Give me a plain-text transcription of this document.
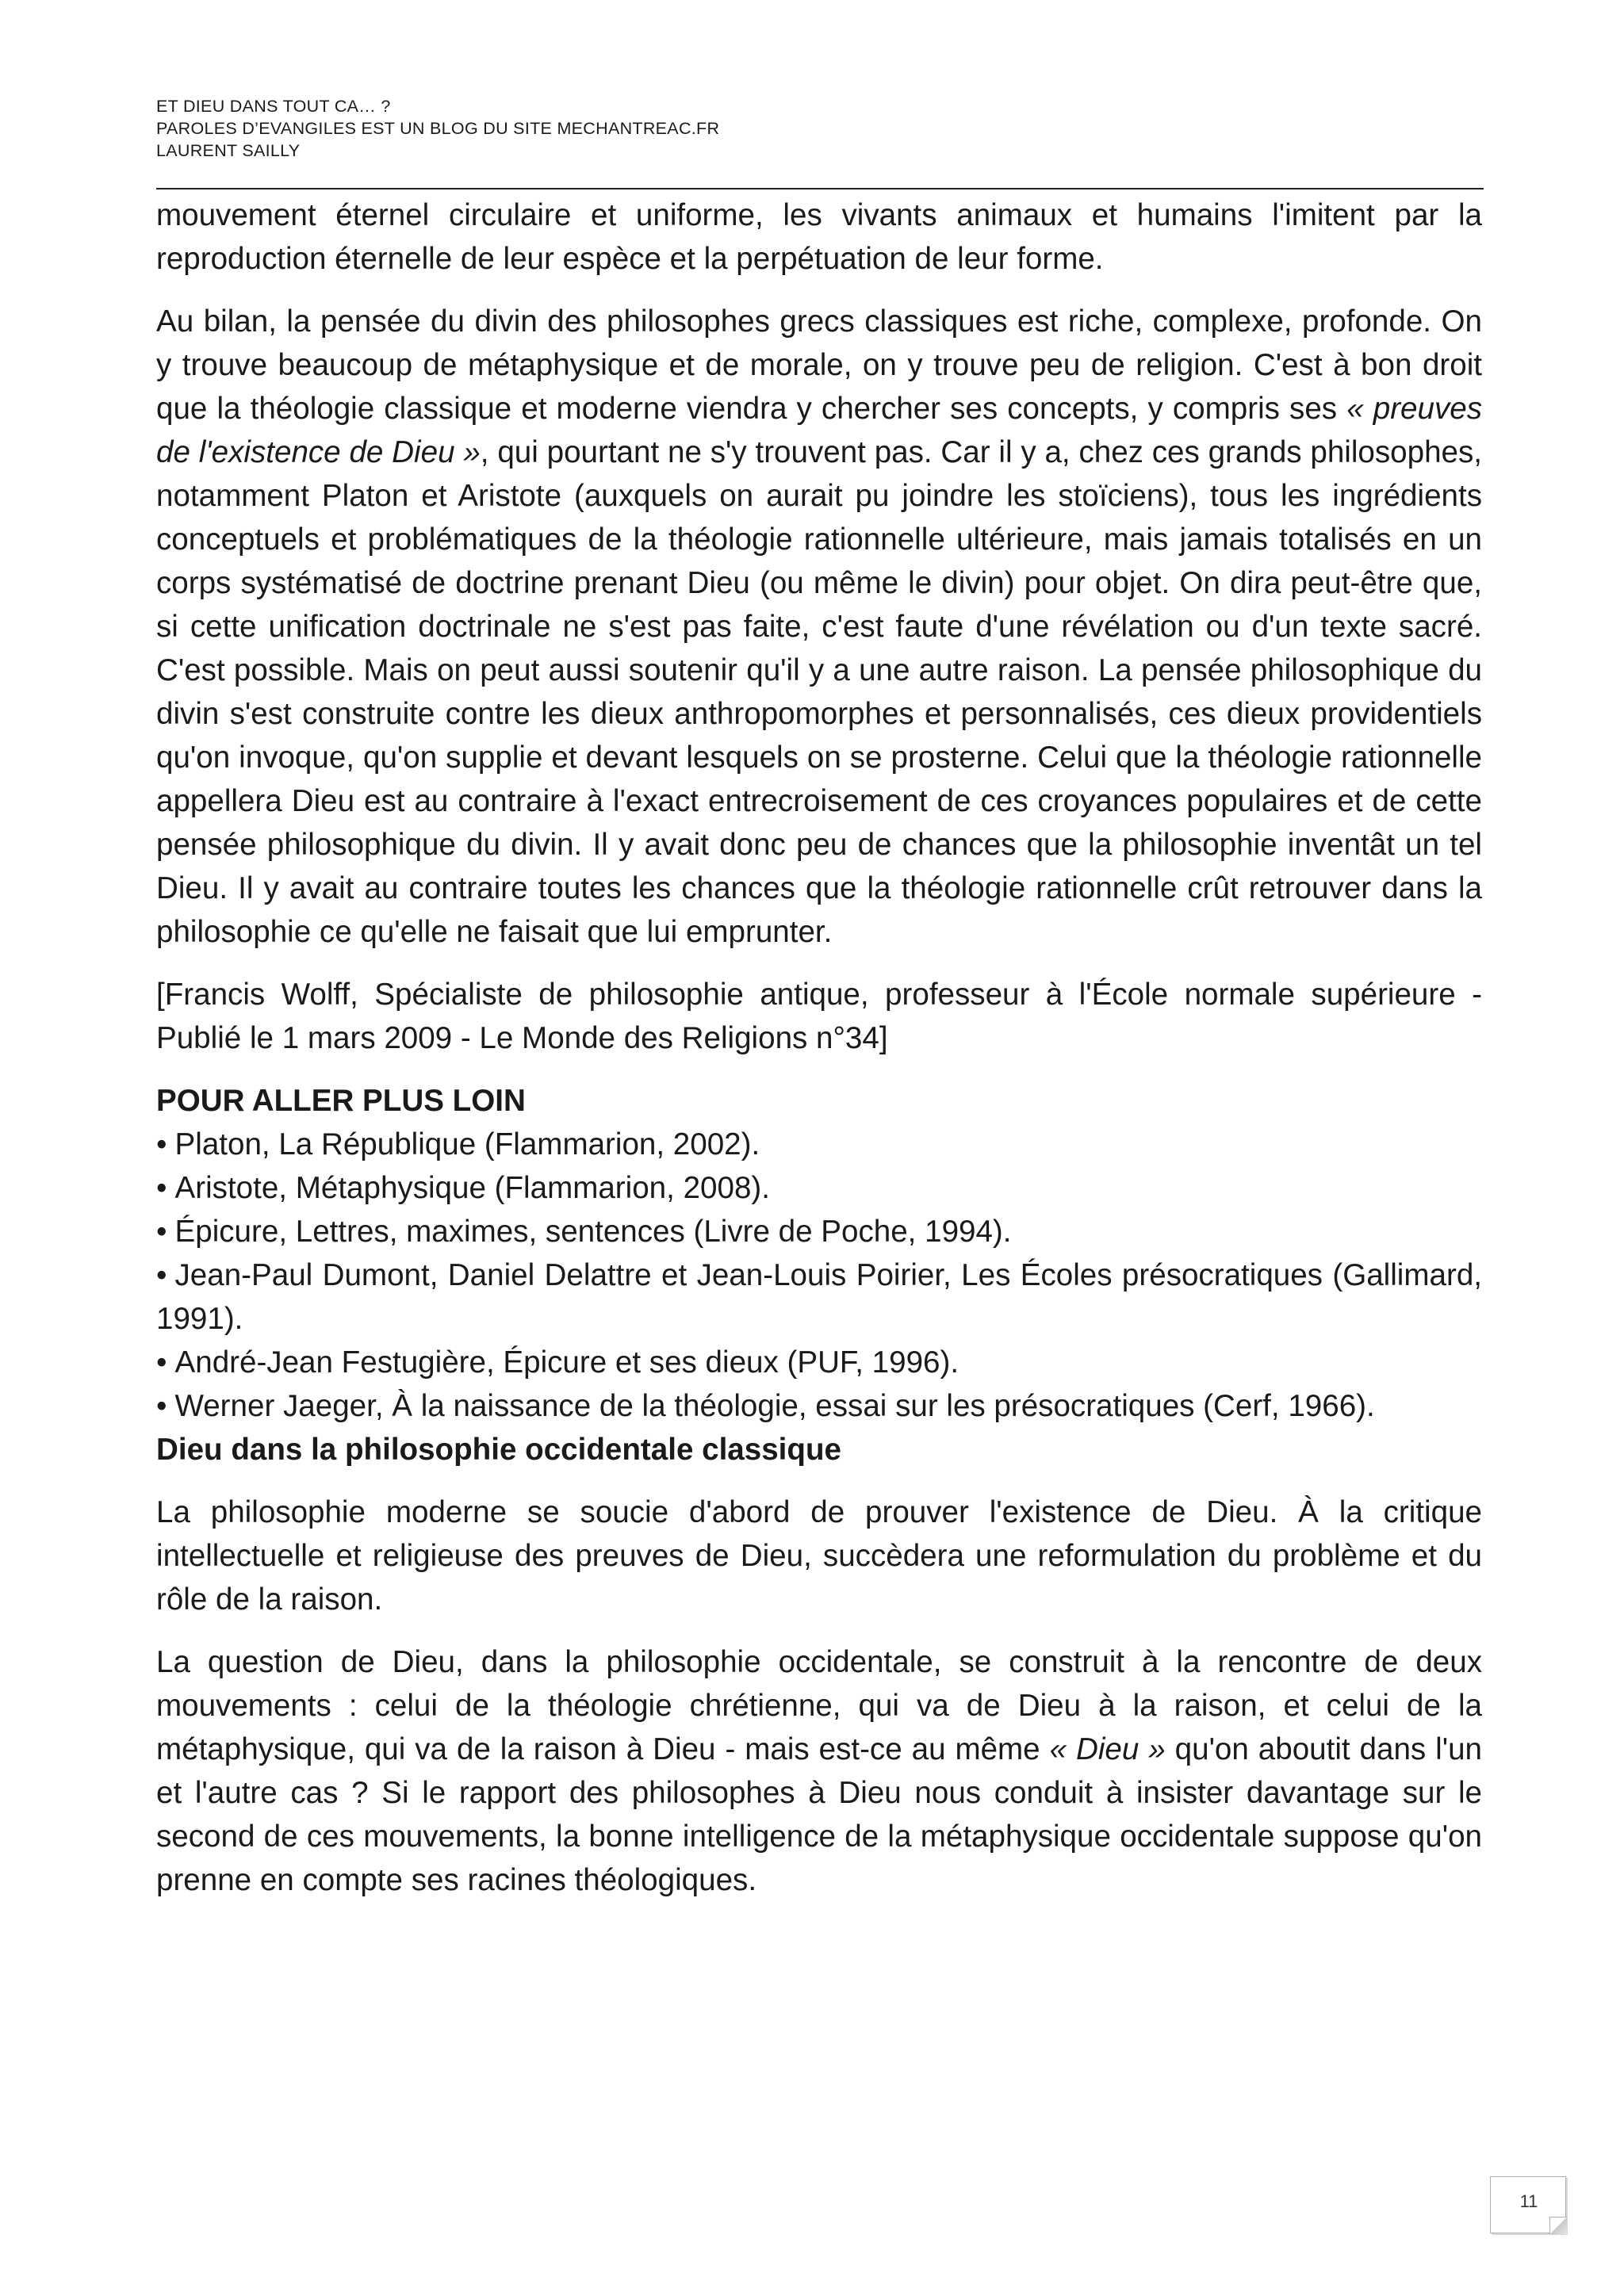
ET DIEU DANS TOUT CA… ?
PAROLES D’EVANGILES EST UN BLOG DU SITE MECHANTREAC.FR
LAURENT SAILLY

mouvement éternel circulaire et uniforme, les vivants animaux et humains l'imitent par la reproduction éternelle de leur espèce et la perpétuation de leur forme.

Au bilan, la pensée du divin des philosophes grecs classiques est riche, complexe, profonde. On y trouve beaucoup de métaphysique et de morale, on y trouve peu de religion. C'est à bon droit que la théologie classique et moderne viendra y chercher ses concepts, y compris ses « preuves de l'existence de Dieu », qui pourtant ne s'y trouvent pas. Car il y a, chez ces grands philosophes, notamment Platon et Aristote (auxquels on aurait pu joindre les stoïciens), tous les ingrédients conceptuels et problématiques de la théologie rationnelle ultérieure, mais jamais totalisés en un corps systématisé de doctrine prenant Dieu (ou même le divin) pour objet. On dira peut-être que, si cette unification doctrinale ne s'est pas faite, c'est faute d'une révélation ou d'un texte sacré. C'est possible. Mais on peut aussi soutenir qu'il y a une autre raison. La pensée philosophique du divin s'est construite contre les dieux anthropomorphes et personnalisés, ces dieux providentiels qu'on invoque, qu'on supplie et devant lesquels on se prosterne. Celui que la théologie rationnelle appellera Dieu est au contraire à l'exact entrecroisement de ces croyances populaires et de cette pensée philosophique du divin. Il y avait donc peu de chances que la philosophie inventât un tel Dieu. Il y avait au contraire toutes les chances que la théologie rationnelle crût retrouver dans la philosophie ce qu'elle ne faisait que lui emprunter.

[Francis Wolff, Spécialiste de philosophie antique, professeur à l'École normale supérieure - Publié le 1 mars 2009 - Le Monde des Religions n°34]

POUR ALLER PLUS LOIN

• Platon, La République (Flammarion, 2002).
• Aristote, Métaphysique (Flammarion, 2008).
• Épicure, Lettres, maximes, sentences (Livre de Poche, 1994).
• Jean-Paul Dumont, Daniel Delattre et Jean-Louis Poirier, Les Écoles présocratiques (Gallimard, 1991).
• André-Jean Festugière, Épicure et ses dieux (PUF, 1996).
• Werner Jaeger, À la naissance de la théologie, essai sur les présocratiques (Cerf, 1966).

Dieu dans la philosophie occidentale classique

La philosophie moderne se soucie d'abord de prouver l'existence de Dieu. À la critique intellectuelle et religieuse des preuves de Dieu, succèdera une reformulation du problème et du rôle de la raison.

La question de Dieu, dans la philosophie occidentale, se construit à la rencontre de deux mouvements : celui de la théologie chrétienne, qui va de Dieu à la raison, et celui de la métaphysique, qui va de la raison à Dieu - mais est-ce au même « Dieu » qu'on aboutit dans l'un et l'autre cas ? Si le rapport des philosophes à Dieu nous conduit à insister davantage sur le second de ces mouvements, la bonne intelligence de la métaphysique occidentale suppose qu'on prenne en compte ses racines théologiques.

11
